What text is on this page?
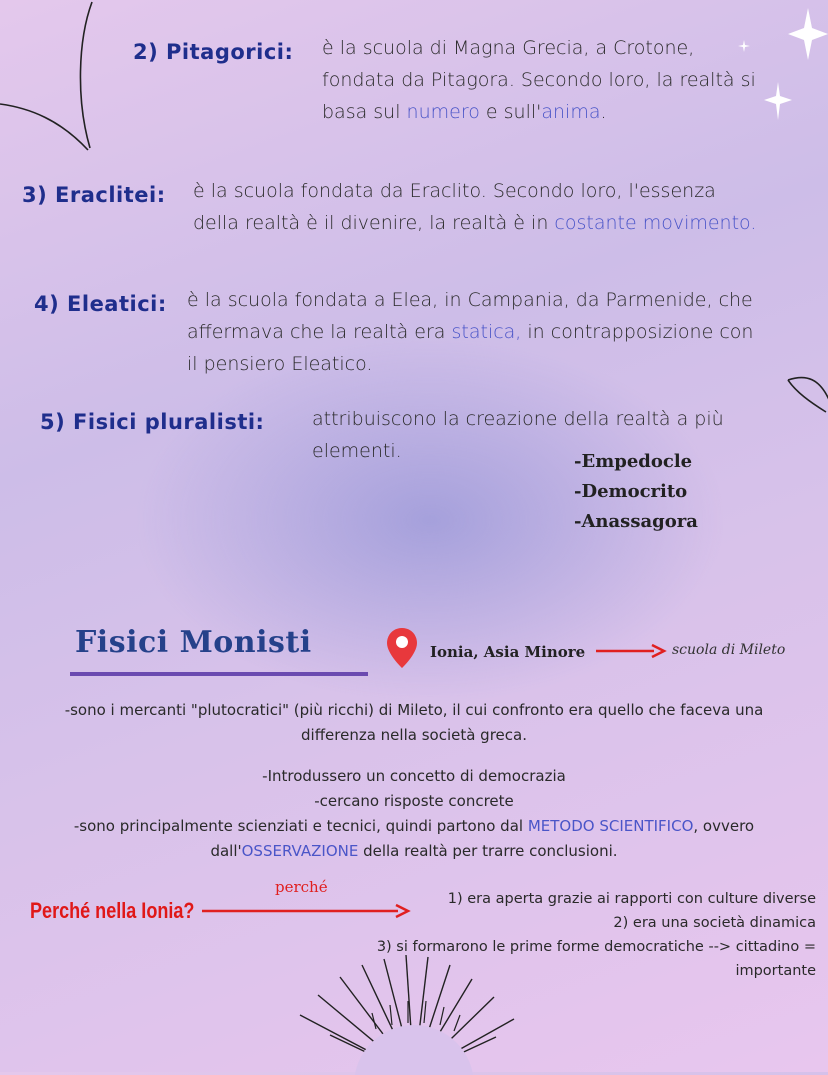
2) Pitagorici: è la scuola di Magna Grecia, a Crotone,
fondata da Pitagora. Secondo loro, la realtà si
basa sul numero e sull'anima.
3) Eraclitei: è la scuola fondata da Eraclito. Secondo loro, l'essenza
della realtà è il divenire, la realtà è in costante movimento.
4) Eleatici: è la scuola fondata a Elea, in Campania, da Parmenide, che
affermava che la realtà era statica, in contrapposizione con
il pensiero Eleatico.
5) Fisici pluralisti:	attribuiscono la creazione della realtà a più
elementi.	-Empedocle
-Democrito
-Anassagora
Fisici Monisti	Ionia, Asia Minore	scuola di Mileto
-sono i mercanti "plutocratici" (più ricchi) di Mileto, il cui confronto era quello che faceva una
differenza nella società greca.
-Introdussero un concetto di democrazia
-cercano risposte concrete
-sono principalmente scienziati e tecnici, quindi partono dal METODO SCIENTIFICO, ovvero
dall'OSSERVAZIONE della realtà per trarre conclusioni.
Perché nella Ionia?
perché
1) era aperta grazie ai rapporti con culture diverse
2) era una società dinamica
3) si formarono le prime forme democratiche --> cittadino =
importante
